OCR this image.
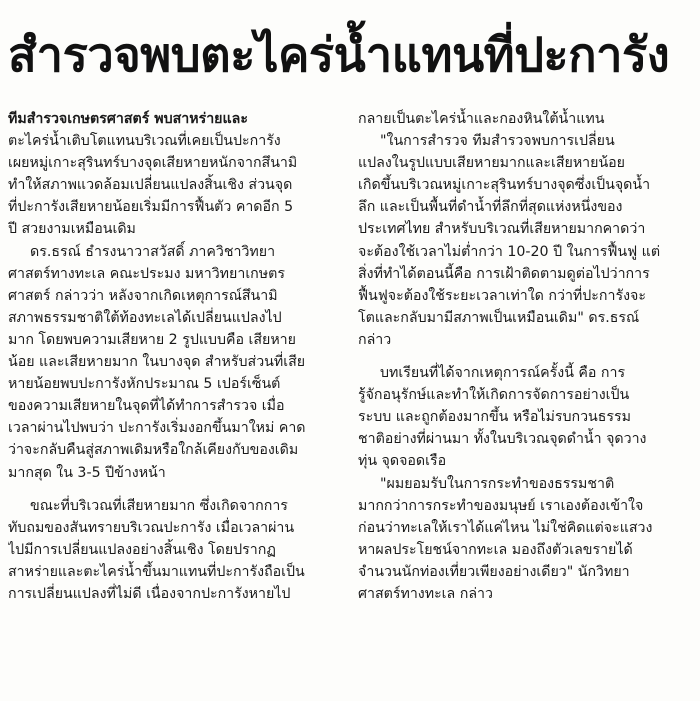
สำรวจพบตะไคร่น้ำแทนที่ปะการัง
ทีมสำรวจเกษตรศาสตร์ พบสาหร่ายและ
ตะไคร่น้ำเติบโตแทนบริเวณที่เคยเป็นปะการัง
เผยหมู่เกาะสุรินทร์บางจุดเสียหายหนักจากสึนามิ
ทำให้สภาพแวดล้อมเปลี่ยนแปลงสิ้นเชิง ส่วนจุด
ที่ปะการังเสียหายน้อยเริ่มมีการฟื้นตัว คาดอีก 5
ปี สวยงามเหมือนเดิม
ดร.ธรณ์ ธำรงนาวาสวัสดิ์ ภาควิชาวิทยา
ศาสตร์ทางทะเล คณะประมง มหาวิทยาเกษตร
ศาสตร์ กล่าวว่า หลังจากเกิดเหตุการณ์สึนามิ
สภาพธรรมชาติใต้ท้องทะเลได้เปลี่ยนแปลงไป
มาก โดยพบความเสียหาย 2 รูปแบบคือ เสียหาย
น้อย และเสียหายมาก ในบางจุด สำหรับส่วนที่เสีย
หายน้อยพบปะการังหักประมาณ 5 เปอร์เซ็นต์
ของความเสียหายในจุดที่ได้ทำการสำรวจ เมื่อ
เวลาผ่านไปพบว่า ปะการังเริ่มงอกขึ้นมาใหม่ คาด
ว่าจะกลับคืนสู่สภาพเดิมหรือใกล้เคียงกับของเดิม
มากสุด ใน 3-5 ปีข้างหน้า
ขณะที่บริเวณที่เสียหายมาก ซึ่งเกิดจากการ
ทับถมของสันทรายบริเวณปะการัง เมื่อเวลาผ่าน
ไปมีการเปลี่ยนแปลงอย่างสิ้นเชิง โดยปรากฏ
สาหร่ายและตะไคร่น้ำขึ้นมาแทนที่ปะการังถือเป็น
การเปลี่ยนแปลงที่ไม่ดี เนื่องจากปะการังหายไป
กลายเป็นตะไคร่น้ำและกองหินใต้น้ำแทน
"ในการสำรวจ ทีมสำรวจพบการเปลี่ยน
แปลงในรูปแบบเสียหายมากและเสียหายน้อย
เกิดขึ้นบริเวณหมู่เกาะสุรินทร์บางจุดซึ่งเป็นจุดน้ำ
ลึก และเป็นพื้นที่ดำน้ำที่ลึกที่สุดแห่งหนึ่งของ
ประเทศไทย สำหรับบริเวณที่เสียหายมากคาดว่า
จะต้องใช้เวลาไม่ต่ำกว่า 10-20 ปี ในการฟื้นฟู แต่
สิ่งที่ทำได้ตอนนี้คือ การเฝ้าติดตามดูต่อไปว่าการ
ฟื้นฟูจะต้องใช้ระยะเวลาเท่าใด กว่าที่ปะการังจะ
โตและกลับมามีสภาพเป็นเหมือนเดิม" ดร.ธรณ์
กล่าว
บทเรียนที่ได้จากเหตุการณ์ครั้งนี้ คือ การ
รู้จักอนุรักษ์และทำให้เกิดการจัดการอย่างเป็น
ระบบ และถูกต้องมากขึ้น หรือไม่รบกวนธรรม
ชาติอย่างที่ผ่านมา ทั้งในบริเวณจุดดำน้ำ จุดวาง
ทุ่น จุดจอดเรือ
"ผมยอมรับในการกระทำของธรรมชาติ
มากกว่าการกระทำของมนุษย์ เราเองต้องเข้าใจ
ก่อนว่าทะเลให้เราได้แค่ไหน ไม่ใช่คิดแต่จะแสวง
หาผลประโยชน์จากทะเล มองถึงตัวเลขรายได้
จำนวนนักท่องเที่ยวเพียงอย่างเดียว" นักวิทยา
ศาสตร์ทางทะเล กล่าว
